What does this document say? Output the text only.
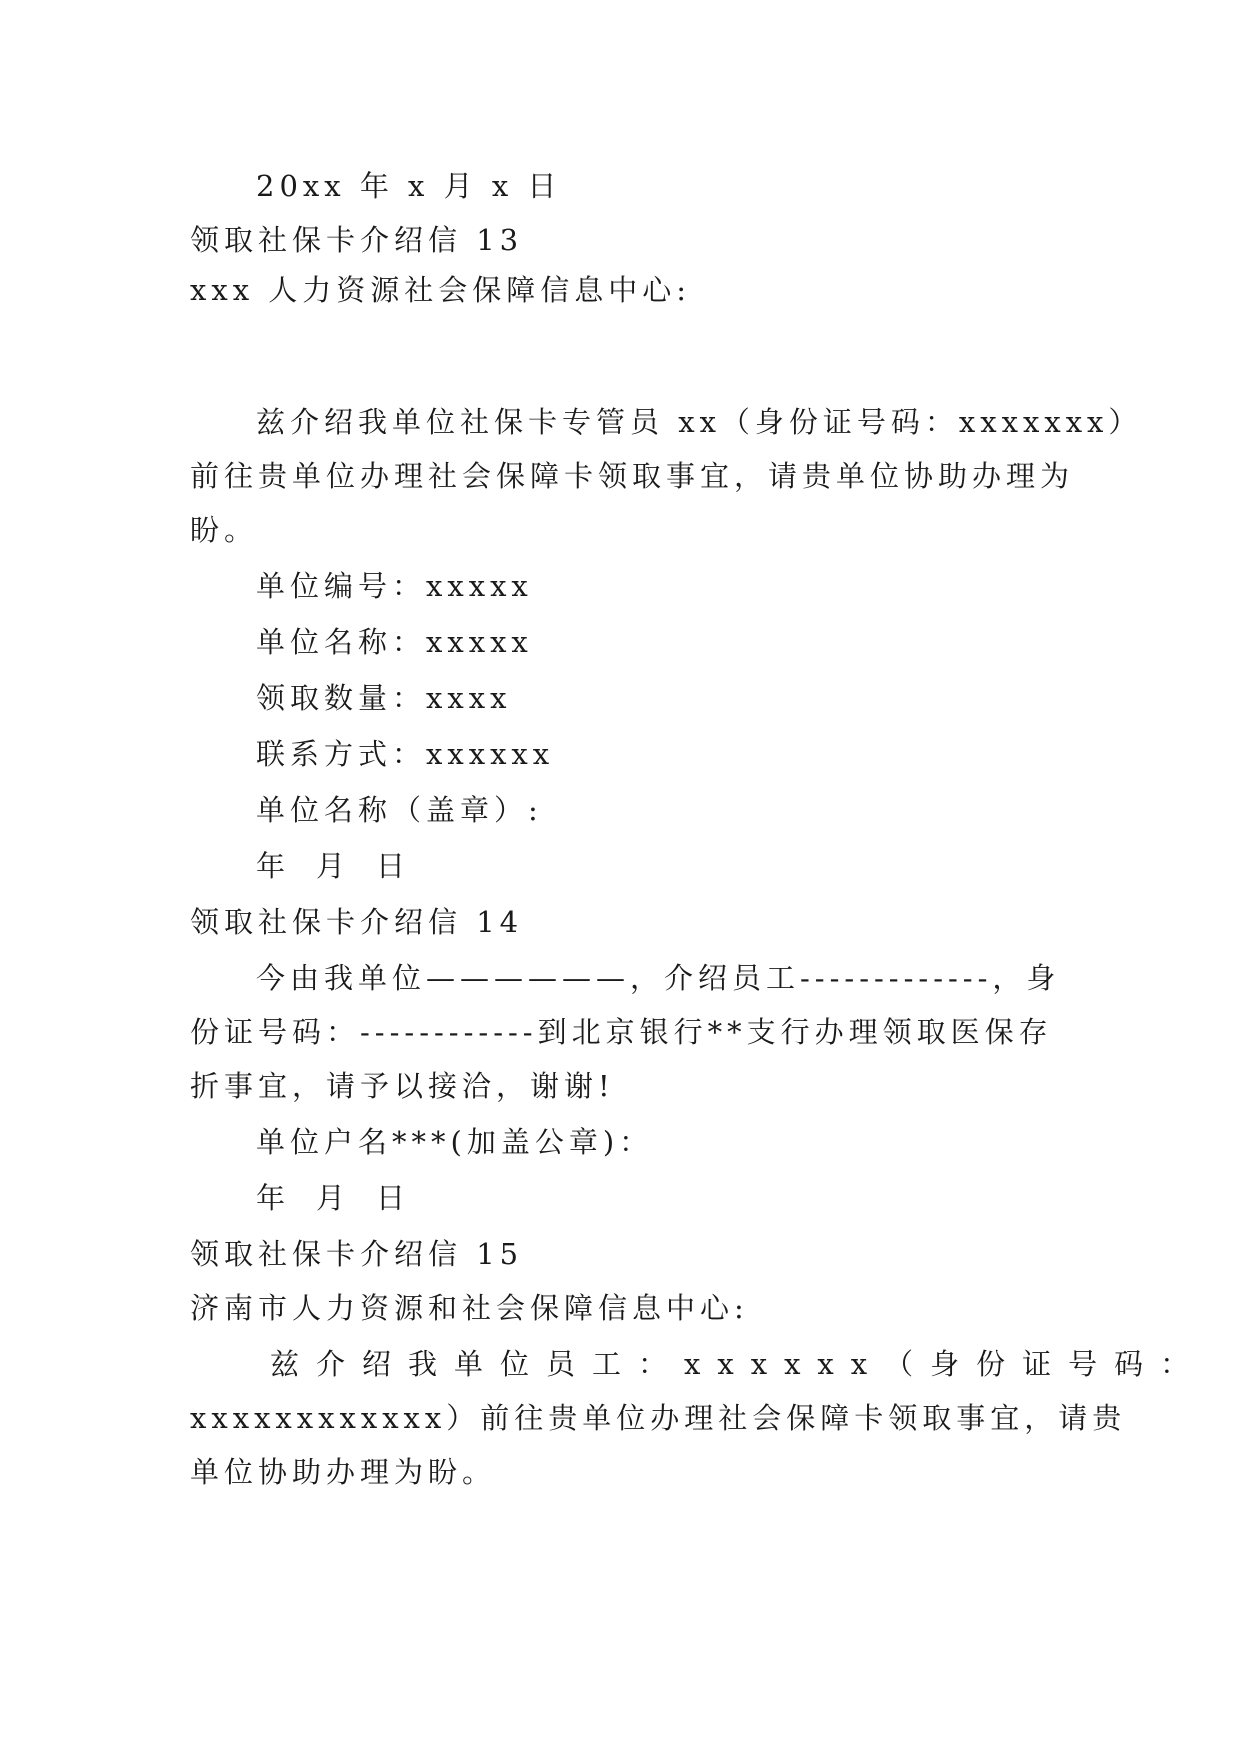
20xx 年 x 月 x 日
领取社保卡介绍信 13
xxx 人力资源社会保障信息中心:
兹介绍我单位社保卡专管员 xx（身份证号码：xxxxxxx）
前往贵单位办理社会保障卡领取事宜，请贵单位协助办理为
盼。
单位编号：xxxxx
单位名称：xxxxx
领取数量：xxxx
联系方式：xxxxxx
单位名称（盖章）:
年 月 日
领取社保卡介绍信 14
今由我单位——————，介绍员工-------------，身
份证号码：------------到北京银行**支行办理领取医保存
折事宜，请予以接洽，谢谢!
单位户名***(加盖公章)：
年 月 日
领取社保卡介绍信 15
济南市人力资源和社会保障信息中心:
兹介绍我单位员工：xxxxxx（身份证号码：
xxxxxxxxxxxx）前往贵单位办理社会保障卡领取事宜，请贵
单位协助办理为盼。
